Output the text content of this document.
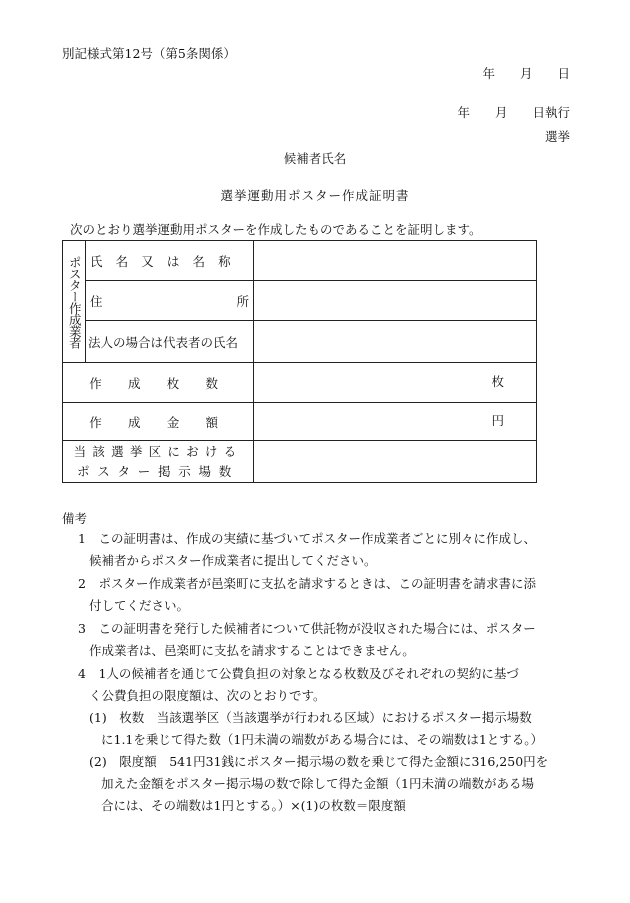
別記様式第12号（第5条関係）
年　　月　　日
年　　月　　日執行
選挙
候補者氏名
選挙運動用ポスター作成証明書
次のとおり選挙運動用ポスターを作成したものであることを証明します。
ポスター作成業者	氏名又は名称	

	住 所	

	法人の場合は代表者の氏名	

作成枚数		枚

作成金額		円

当該選挙区における
ポスター掲示場数		

備考
1　この証明書は、作成の実績に基づいてポスター作成業者ごとに別々に作成し、
候補者からポスター作成業者に提出してください。
2　ポスター作成業者が邑楽町に支払を請求するときは、この証明書を請求書に添
付してください。
3　この証明書を発行した候補者について供託物が没収された場合には、ポスター
作成業者は、邑楽町に支払を請求することはできません。
4　1人の候補者を通じて公費負担の対象となる枚数及びそれぞれの契約に基づ
く公費負担の限度額は、次のとおりです。
(1)　枚数　当該選挙区（当該選挙が行われる区域）におけるポスター掲示場数
に1.1を乗じて得た数（1円未満の端数がある場合には、その端数は1とする。）
(2)　限度額　541円31銭にポスター掲示場の数を乗じて得た金額に316,250円を
加えた金額をポスター掲示場の数で除して得た金額（1円未満の端数がある場
合には、その端数は1円とする。）×(1)の枚数＝限度額
